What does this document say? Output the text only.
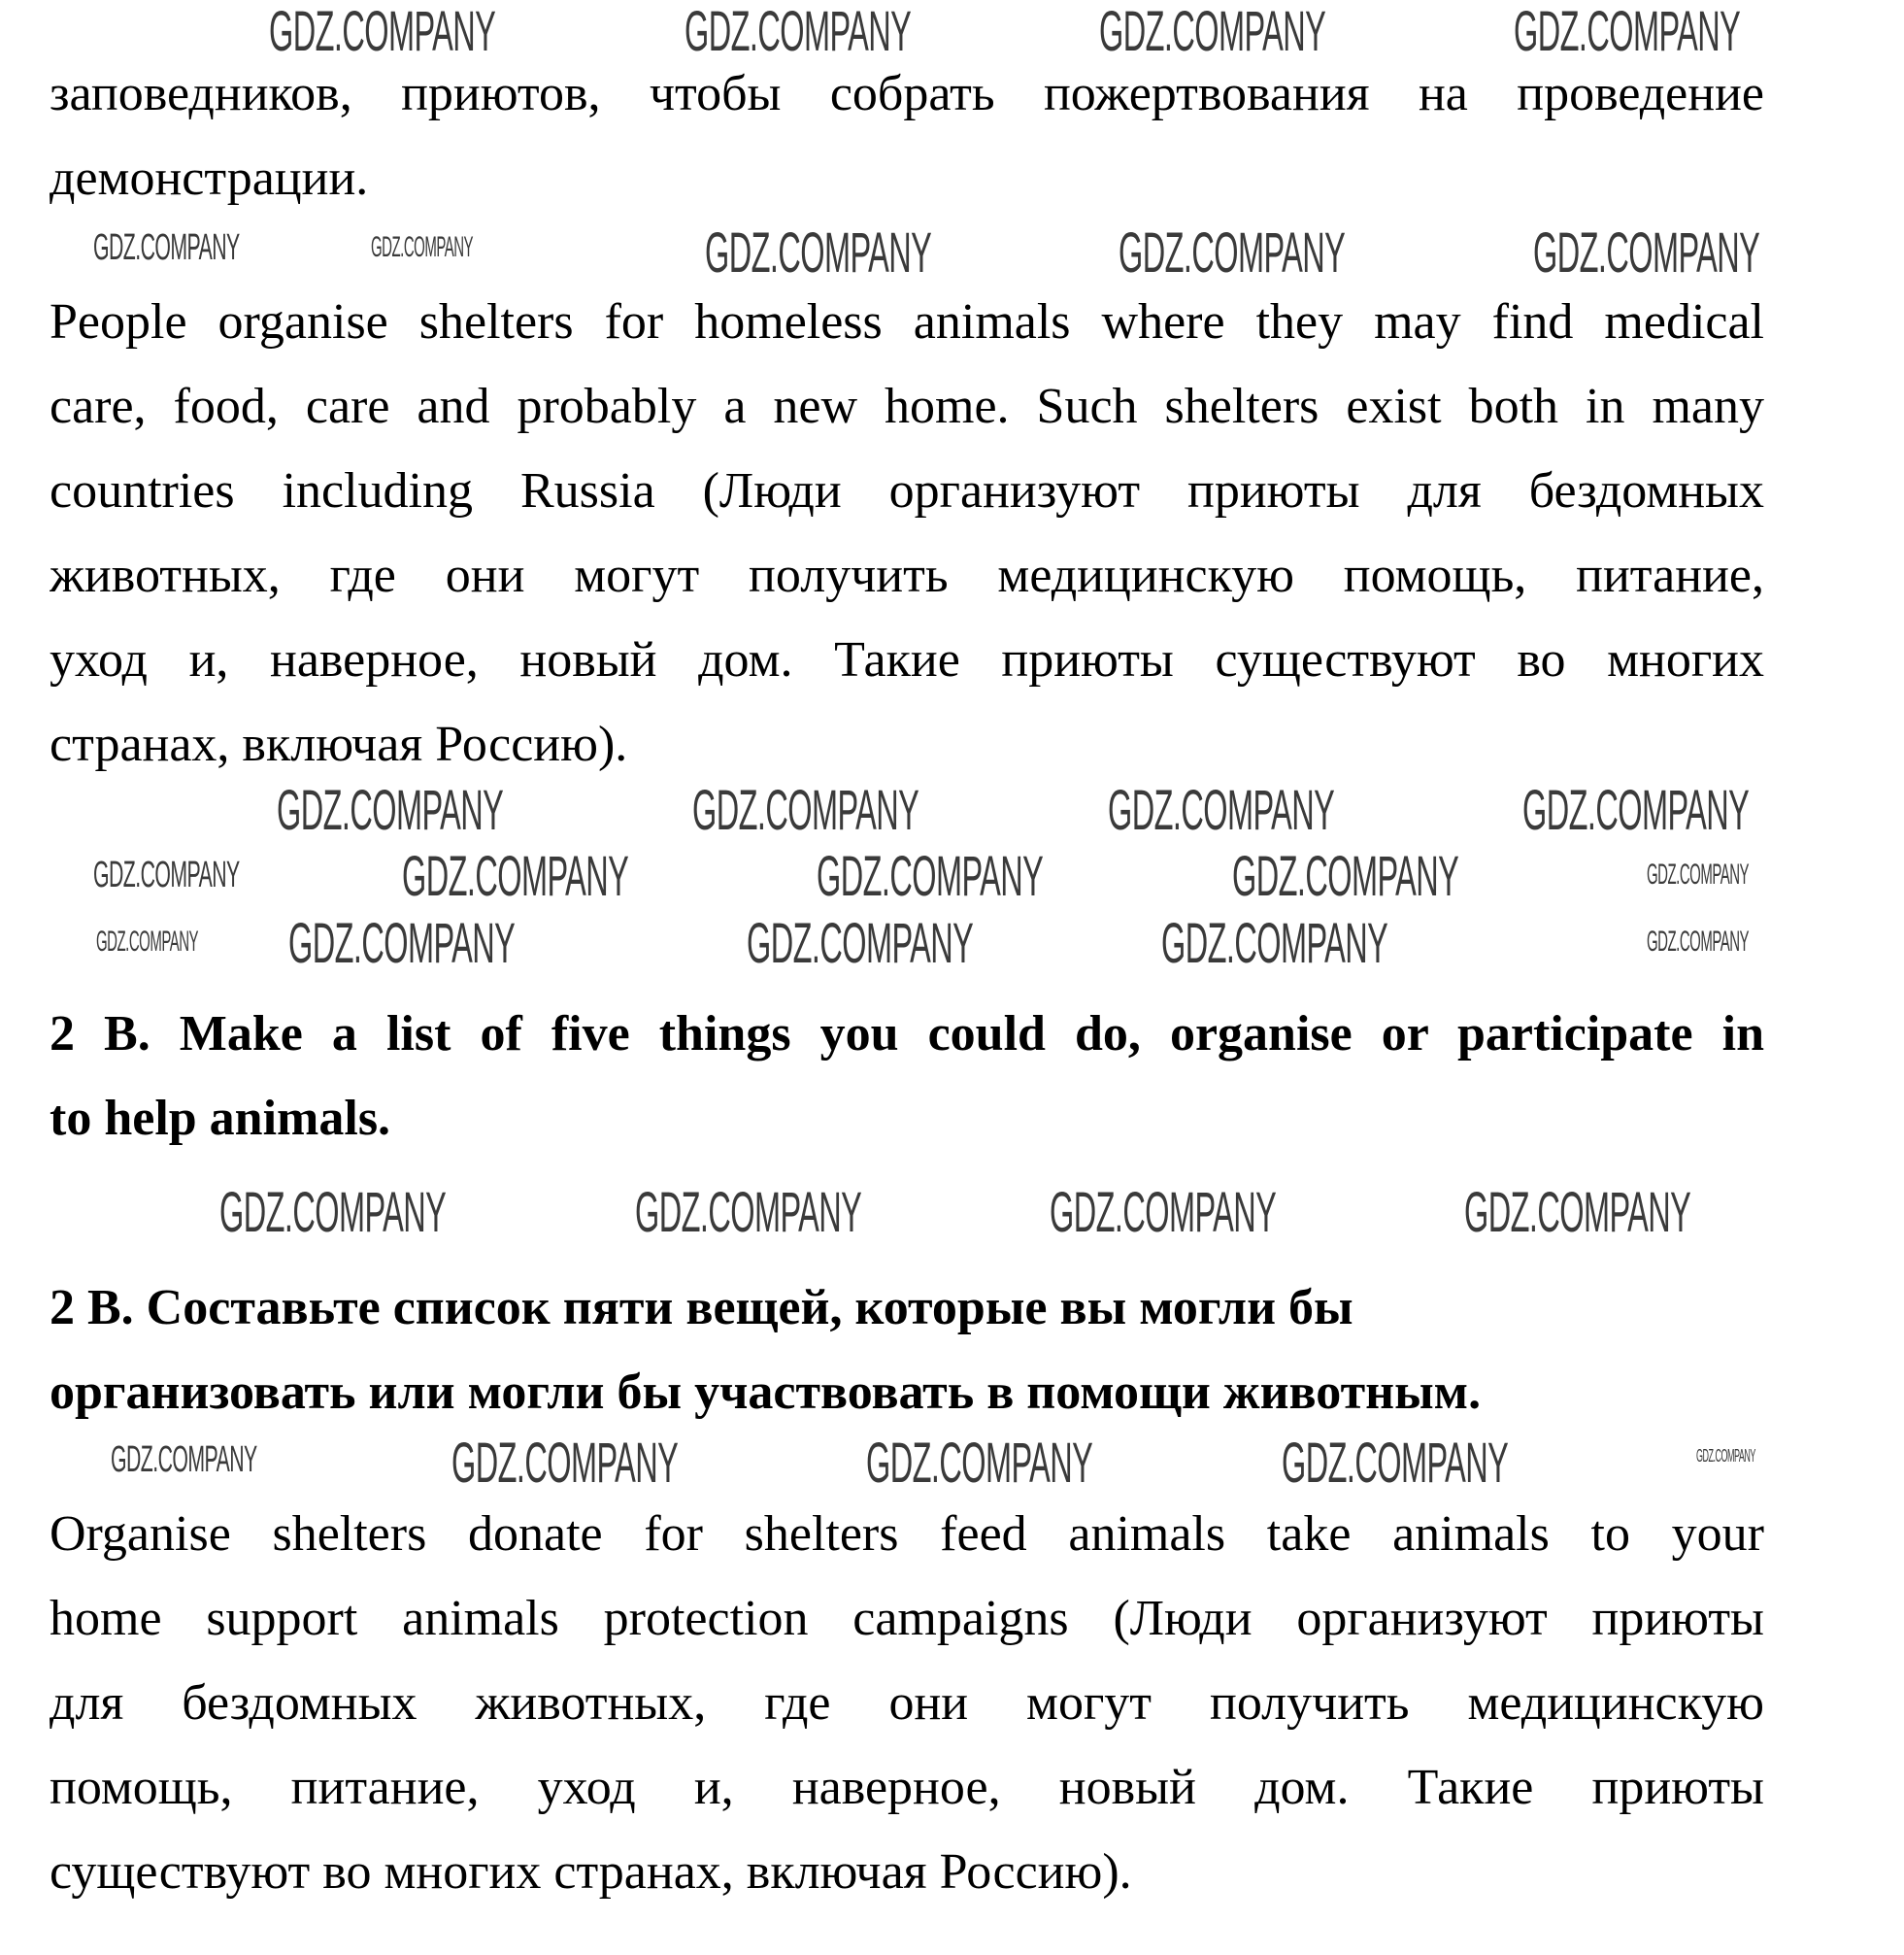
заповедников, приютов, чтобы собрать пожертвования на проведение
демонстрации.
People organise shelters for homeless animals where they may find medical
care, food, care and probably a new home. Such shelters exist both in many
countries including Russia (Люди организуют приюты для бездомных
животных, где они могут получить медицинскую помощь, питание,
уход и, наверное, новый дом. Такие приюты существуют во многих
странах, включая Россию).
2 B. Make a list of five things you could do, organise or participate in
to help animals.
2 В. Составьте список пяти вещей, которые вы могли бы
организовать или могли бы участвовать в помощи животным.
Organise shelters donate for shelters feed animals take animals to your
home support animals protection campaigns (Люди организуют приюты
для бездомных животных, где они могут получить медицинскую
помощь, питание, уход и, наверное, новый дом. Такие приюты
существуют во многих странах, включая Россию).
GDZ.COMPANY	GDZ.COMPANY	GDZ.COMPANY	GDZ.COMPANY
GDZ.COMPANY	GDZ.COMPANY	GDZ.COMPANY	GDZ.COMPANY	GDZ.COMPANY
GDZ.COMPANY	GDZ.COMPANY	GDZ.COMPANY	GDZ.COMPANY
GDZ.COMPANY	GDZ.COMPANY	GDZ.COMPANY	GDZ.COMPANY	GDZ.COMPANY
GDZ.COMPANY GDZ.COMPANY	GDZ.COMPANY	GDZ.COMPANY	GDZ.COMPANY
GDZ.COMPANY	GDZ.COMPANY	GDZ.COMPANY	GDZ.COMPANY
GDZ.COMPANY	GDZ.COMPANY	GDZ.COMPANY	GDZ.COMPANY	GDZ.COMPANY
